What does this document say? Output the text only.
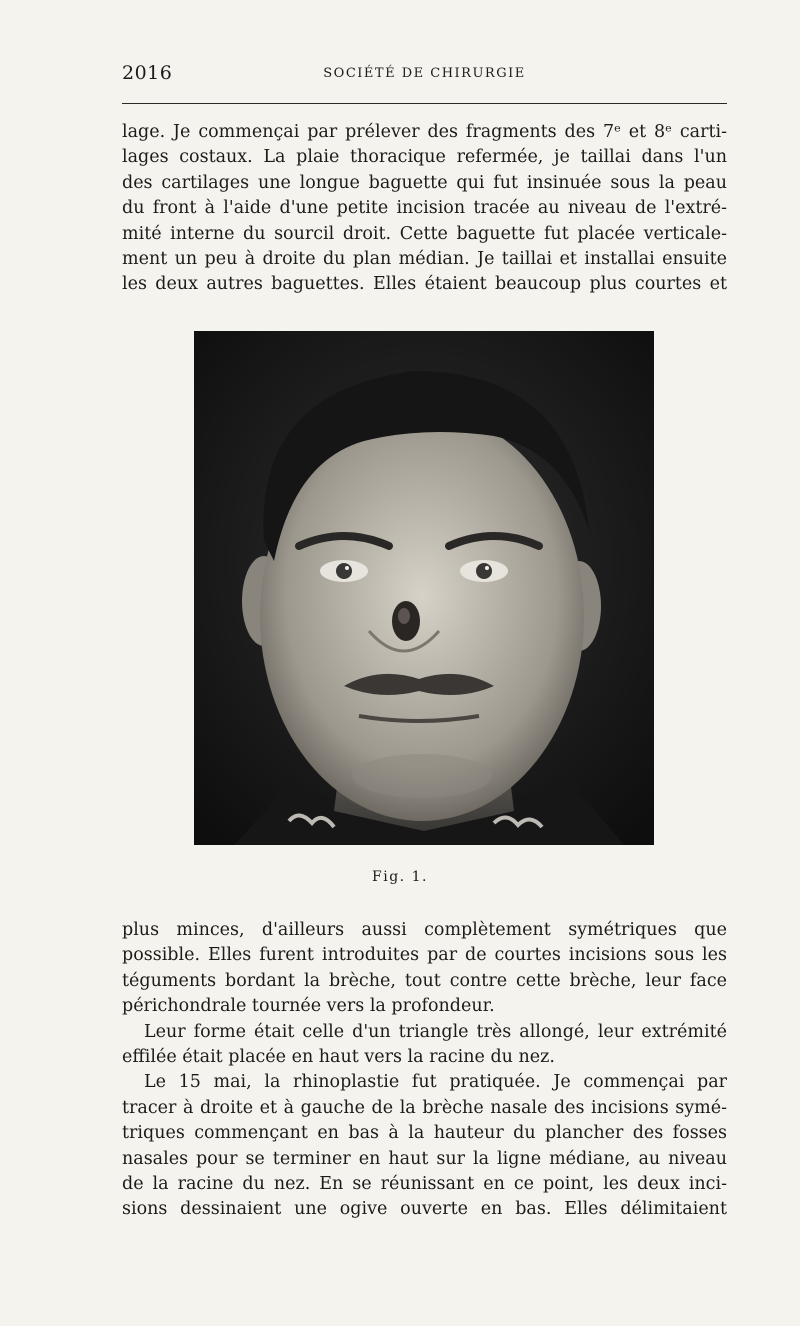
2016	SOCIÉTÉ DE CHIRURGIE
lage. Je commençai par prélever des fragments des 7ᵉ et 8ᵉ carti-
lages costaux. La plaie thoracique refermée, je taillai dans l'un
des cartilages une longue baguette qui fut insinuée sous la peau
du front à l'aide d'une petite incision tracée au niveau de l'extré-
mité interne du sourcil droit. Cette baguette fut placée verticale-
ment un peu à droite du plan médian. Je taillai et installai ensuite
les deux autres baguettes. Elles étaient beaucoup plus courtes et
Fig. 1.
plus minces, d'ailleurs aussi complètement symétriques que
possible. Elles furent introduites par de courtes incisions sous les
téguments bordant la brèche, tout contre cette brèche, leur face
périchondrale tournée vers la profondeur.
Leur forme était celle d'un triangle très allongé, leur extrémité
effilée était placée en haut vers la racine du nez.
Le 15 mai, la rhinoplastie fut pratiquée. Je commençai par
tracer à droite et à gauche de la brèche nasale des incisions symé-
triques commençant en bas à la hauteur du plancher des fosses
nasales pour se terminer en haut sur la ligne médiane, au niveau
de la racine du nez. En se réunissant en ce point, les deux inci-
sions dessinaient une ogive ouverte en bas. Elles délimitaient
